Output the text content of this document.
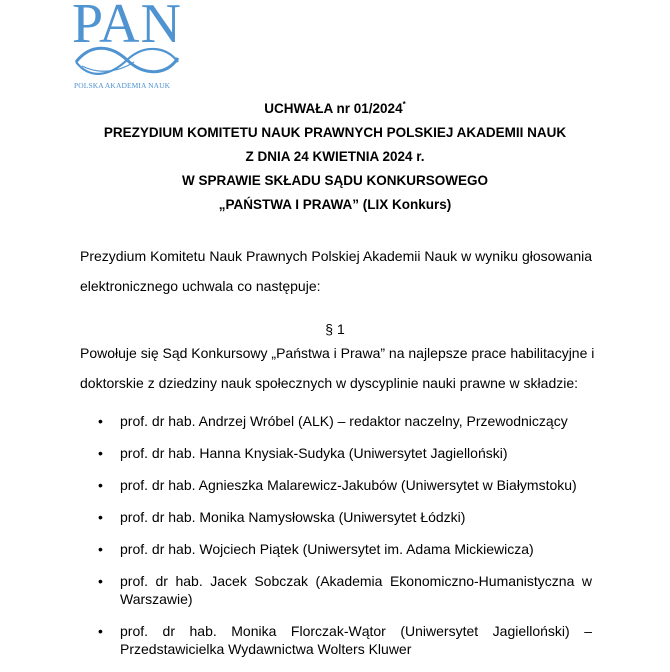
PAN
POLSKA AKADEMIA NAUK
UCHWAŁA nr 01/2024*
PREZYDIUM KOMITETU NAUK PRAWNYCH POLSKIEJ AKADEMII NAUK
Z DNIA 24 KWIETNIA 2024 r.
W SPRAWIE SKŁADU SĄDU KONKURSOWEGO
„PAŃSTWA I PRAWA” (LIX Konkurs)
Prezydium Komitetu Nauk Prawnych Polskiej Akademii Nauk w wyniku głosowania
elektronicznego uchwala co następuje:
§ 1
Powołuje się Sąd Konkursowy „Państwa i Prawa” na najlepsze prace habilitacyjne i
doktorskie z dziedziny nauk społecznych w dyscyplinie nauki prawne w składzie:
• prof. dr hab. Andrzej Wróbel (ALK) – redaktor naczelny, Przewodniczący
• prof. dr hab. Hanna Knysiak-Sudyka (Uniwersytet Jagielloński)
• prof. dr hab. Agnieszka Malarewicz-Jakubów (Uniwersytet w Białymstoku)
• prof. dr hab. Monika Namysłowska (Uniwersytet Łódzki)
• prof. dr hab. Wojciech Piątek (Uniwersytet im. Adama Mickiewicza)
• prof. dr hab. Jacek Sobczak (Akademia Ekonomiczno-Humanistyczna w
Warszawie)
• prof. dr hab. Monika Florczak-Wątor (Uniwersytet Jagielloński) –
Przedstawicielka Wydawnictwa Wolters Kluwer
